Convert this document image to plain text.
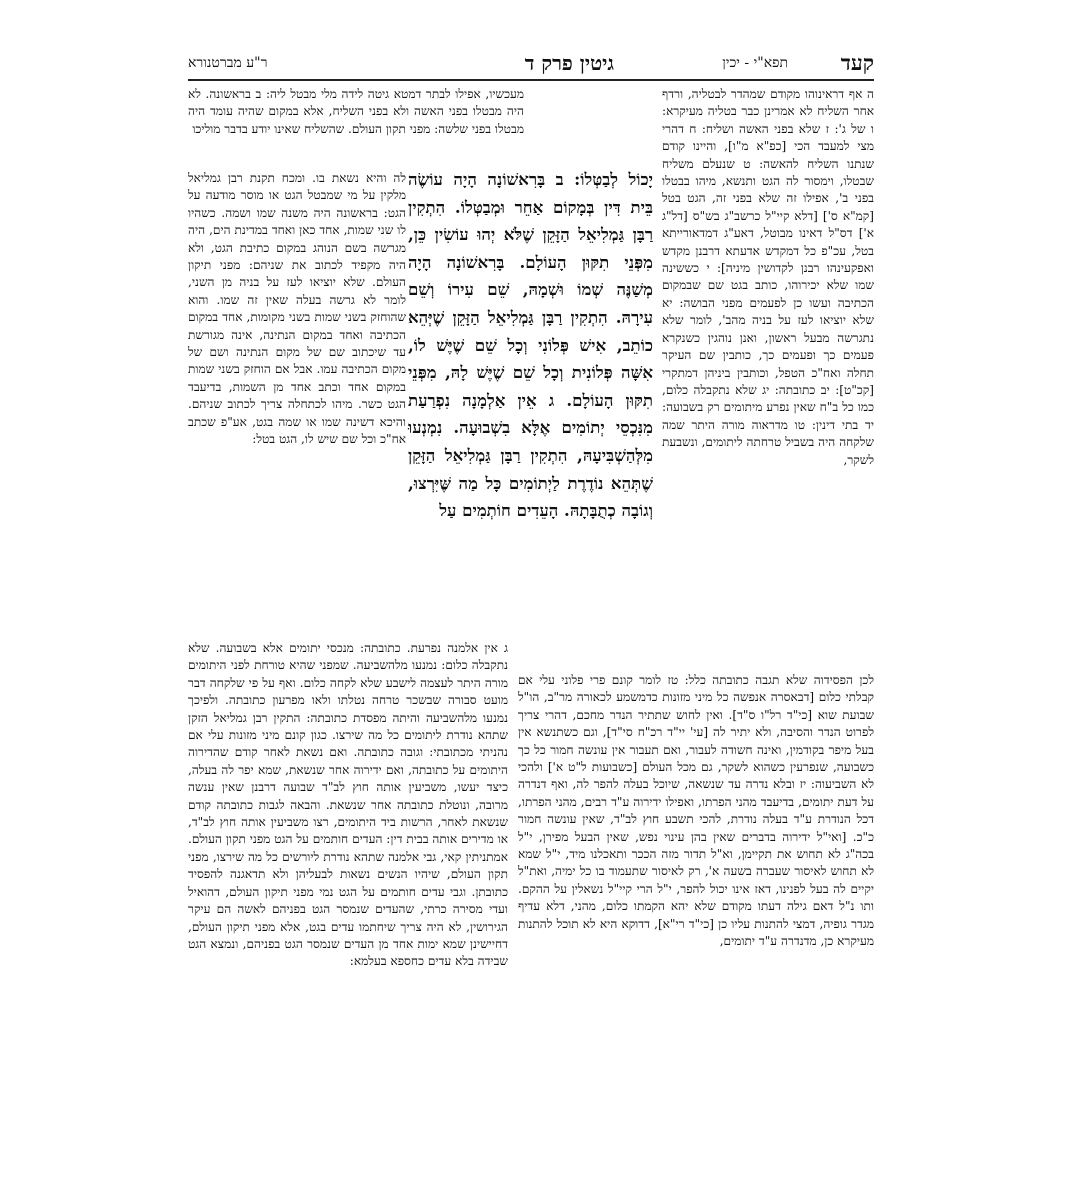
קעד
תפא"י - יכין
גיטין פרק ד
ר"ע מברטנורא

ה אף דראינוהו מקודם שמהדר לבטליה, ורדף אחר השליח לא אמרינן כבר בטליה מעיקרא: ו של ג': ז שלא בפני האשה ושליח: ח דהרי מצי למעבד הכי [כפ"א מ"ו], והיינו קודם שנתנו השליח להאשה: ט שנעלם משליח שבטלו, וימסור לה הגט ותנשא, מיהו בבטלו בפני ב', אפילו זה שלא בפני זה, הגט בטל [קמ"א ס'] [דלא קיי"ל כרשב"ג בש"ס [דל"ג א'] דס"ל דאינו מבוטל, דאע"ג דמדאורייתא בטל, עכ"פ כל דמקדש אדעתא דרבנן מקדש ואפקעינהו רבנן לקדושין מיניה]: י כששינה שמו שלא יכירוהו, כותב בגט שם שבמקום הכתיבה ועשו כן לפעמים מפני הבושה: יא שלא יוציאו לעז על בניה מהב', לומר שלא נתגרשה מבעל ראשון, ואנן נוהגין כשנקרא פעמים כך ופעמים כך, כותבין שם העיקר תחלה ואח"כ הטפל, וכותבין ביניהן דמתקרי [קכ"ט]: יב כתובתה: יג שלא נתקבלה כלום, כמו כל ב"ח שאין נפרע מיתומים רק בשבועה: יד בתי דינין: טו מדראוה מורה היתר שמה שלקחה היה בשביל טרחתה ליתומים, ונשבעת לשקר,

לכן הפסידוה שלא תגבה כתובתה כלל: טז לומר קונם פרי פלוני עלי אם קבלתי כלום [דבאסרה אנפשה כל מיני מזונות כדמשמע לכאורה מר"ב, הו"ל שבועת שוא [כי"ד רל"ו ס"ד]. ואין לחוש שתתיר הנדר מחכם, דהרי צריך לפרוט הנדר והסיבה, ולא יתיר לה [עי' יי"ד רכ"ח סי"ד], וגם כשתנשא אין בעל מיפר בקודמין, ואינה חשודה לעבור, ואם תעבור אין עונשה חמור כל כך כשבועה, שנפרעין כשהוא לשקר, גם מכל העולם [כשבועות ל"ט א'] ולהכי לא השביעוה: יז ובלא נדרה עד שנשאה, שיוכל בעלה להפר לה, ואף דנדרה על דעת יתומים, בדיעבד מהני הפרתו, ואפילו ידירוה ע"ד רבים, מהני הפרתו, דכל הנודרת ע"ד בעלה נודרת, להכי תשבע חוץ לב"ד, שאין עונשה חמור כ"כ. [ואי"ל ידירוה בדברים שאין בהן עינוי נפש, שאין הבעל מפירן, י"ל בכה"ג לא תחוש את תקיימן, וא"ל תדור מזה הככר ותאכלנו מיד, י"ל שמא לא תחוש לאיסור שעברה בשעה א', רק לאיסור שתעמוד בו כל ימיה, ואת"ל יקיים לה בעל לפנינו, דאז אינו יכול להפר, י"ל הרי קיי"ל נשאלין על ההקם. ותו נ"ל דאם גילה דעתו מקודם שלא יהא הקמתו כלום, מהני, דלא עדיף מגדר גופיה, דמצי להתנות עליו כן [כי"ד רי"א], דדוקא היא לא תוכל להתנות מעיקרא כן, מדנדרה ע"ד יתומים,

יָכוֹל לְבַטְּלוֹ: ב בָּרִאשׁוֹנָה הָיָה עוֹשֶׂה בֵּית דִּין בְּמָקוֹם אַחֵר וּמְבַטְּלוֹ. הִתְקִין רַבָּן גַּמְלִיאֵל הַזָּקֵן שֶׁלֹּא יְהוּ עוֹשִׂין כֵּן, מִפְּנֵי תִקּוּן הָעוֹלָם. בָּרִאשׁוֹנָה הָיָה מְשַׁנֶּה שְׁמוֹ וּשְׁמָהּ, שֵׁם עִירוֹ וְשֵׁם עִירָהּ. הִתְקִין רַבָּן גַּמְלִיאֵל הַזָּקֵן שֶׁיְּהֵא כוֹתֵב, אִישׁ פְּלוֹנִי וְכָל שֵׁם שֶׁיֶּשׁ לוֹ, אִשָּׁה פְּלוֹנִית וְכָל שֵׁם שֶׁיֶּשׁ לָהּ, מִפְּנֵי תִקּוּן הָעוֹלָם. ג אֵין אַלְמָנָה נִפְרַעַת מִנִּכְסֵי יְתוֹמִים אֶלָּא בִשְׁבוּעָה. נִמְנְעוּ מִלְּהַשְׁבִּיעָהּ, הִתְקִין רַבָּן גַּמְלִיאֵל הַזָּקֵן שֶׁתְּהֵא נוֹדֶרֶת לַיְתוֹמִים כָּל מַה שֶּׁיִּרְצוּ, וְגוֹבָה כְתֻבָּתָהּ. הָעֵדִים חוֹתְמִים עַל

מעכשיו, אפילו לבתר דמטא גיטה לידה מלי מבטל ליה: ב בראשונה. לא היה מבטלו בפני האשה ולא בפני השליח, אלא במקום שהיה עומד היה מבטלו בפני שלשה: מפני תקון העולם. שהשליח שאינו יודע בדבר מוליכו

לה והיא נשאת בו. ומכח תקנת רבן גמליאל מלקין על מי שמבטל הגט או מוסר מודעה על הגט: בראשונה היה משנה שמו ושמה. כשהיו לו שני שמות, אחד כאן ואחד במדינת הים, היה מגרשה בשם הנוהג במקום כתיבת הגט, ולא היה מקפיד לכתוב את שניהם: מפני תיקון העולם. שלא יוציאו לעז על בניה מן השני, לומר לא גרשה בעלה שאין זה שמו. והוא שהוחזק בשני שמות בשני מקומות, אחד במקום הכתיבה ואחד במקום הנתינה, אינה מגורשת עד שיכתוב שם של מקום הנתינה ושם של מקום הכתיבה עמו. אבל אם הוחזק בשני שמות במקום אחד וכתב אחד מן השמות, בדיעבד הגט כשר. מיהו לכתחלה צריך לכתוב שניהם. והיכא דשינה שמו או שמה בגט, אע"פ שכתב אח"כ וכל שם שיש לו, הגט בטל:

ג אין אלמנה נפרעת. כתובתה: מנכסי יתומים אלא בשבועה. שלא נתקבלה כלום: נמנעו מלהשביעה. שמפני שהיא טורחת לפני היתומים מורה היתר לעצמה לישבע שלא לקחה כלום. ואף על פי שלקחה דבר מועט סבורה שבשכר טרחה נטלתו ולאו מפרעון כתובתה. ולפיכך נמנעו מלהשביעה והיתה מפסדת כתובתה: התקין רבן גמליאל הזקן שתהא נודרת ליתומים כל מה שירצו. כגון קונם מיני מזונות עלי אם נהניתי מכתובתי: וגובה כתובתה. ואם נשאת לאחר קודם שהדירוה היתומים על כתובתה, ואם ידירוה אחר שנשאת, שמא יפר לה בעלה, כיצד יעשו, משביעין אותה חוץ לב"ד שבועה דרבנן שאין ענשה מרובה, ונוטלת כתובתה אחר שנשאת. והבאה לגבות כתובתה קודם שנשאת לאחר, הרשות ביד היתומים, רצו משביעין אותה חוץ לב"ד, או מדירים אותה בבית דין: העדים חותמים על הגט מפני תקון העולם. אמתניתין קאי, גבי אלמנה שתהא נודרת ליורשים כל מה שירצו, מפני תקון העולם, שיהיו הנשים נשאות לבעליהן ולא תדאגנה להפסיד כתובתן. וגבי עדים חותמים על הגט נמי מפני תיקון העולם, דהואיל ועדי מסירה כרתי, שהעדים שנמסר הגט בפניהם לאשה הם עיקר הגירושין, לא היה צריך שיחתמו עדים בגט, אלא מפני תיקון העולם, דחיישינן שמא ימות אחד מן העדים שנמסר הגט בפניהם, ונמצא הגט שבידה בלא עדים כחספא בעלמא:
